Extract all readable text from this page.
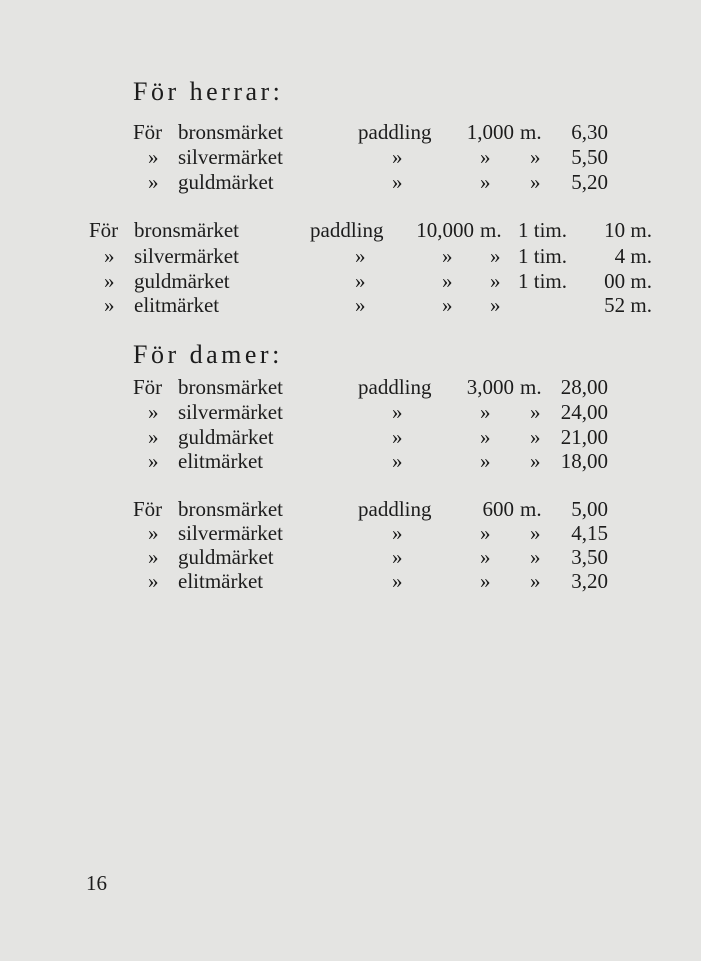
För herrar:
För bronsmärket	paddling	1,000 m.	6,30
» silvermärket	»	» »	5,50
» guldmärket	»	» »	5,20
För bronsmärket	paddling	10,000 m. 1 tim.	10 m.
» silvermärket	»	» » 1 tim.	4 m.
» guldmärket	»	» » 1 tim.	00 m.
» elitmärket	»	» »	52 m.
För damer:
För bronsmärket	paddling	3,000 m. 28,00
» silvermärket	»	» » 24,00
» guldmärket	»	» » 21,00
» elitmärket	»	» » 18,00
För bronsmärket	paddling	600 m.	5,00
» silvermärket	»	» »	4,15
» guldmärket	»	» »	3,50
» elitmärket	»	» »	3,20
16
